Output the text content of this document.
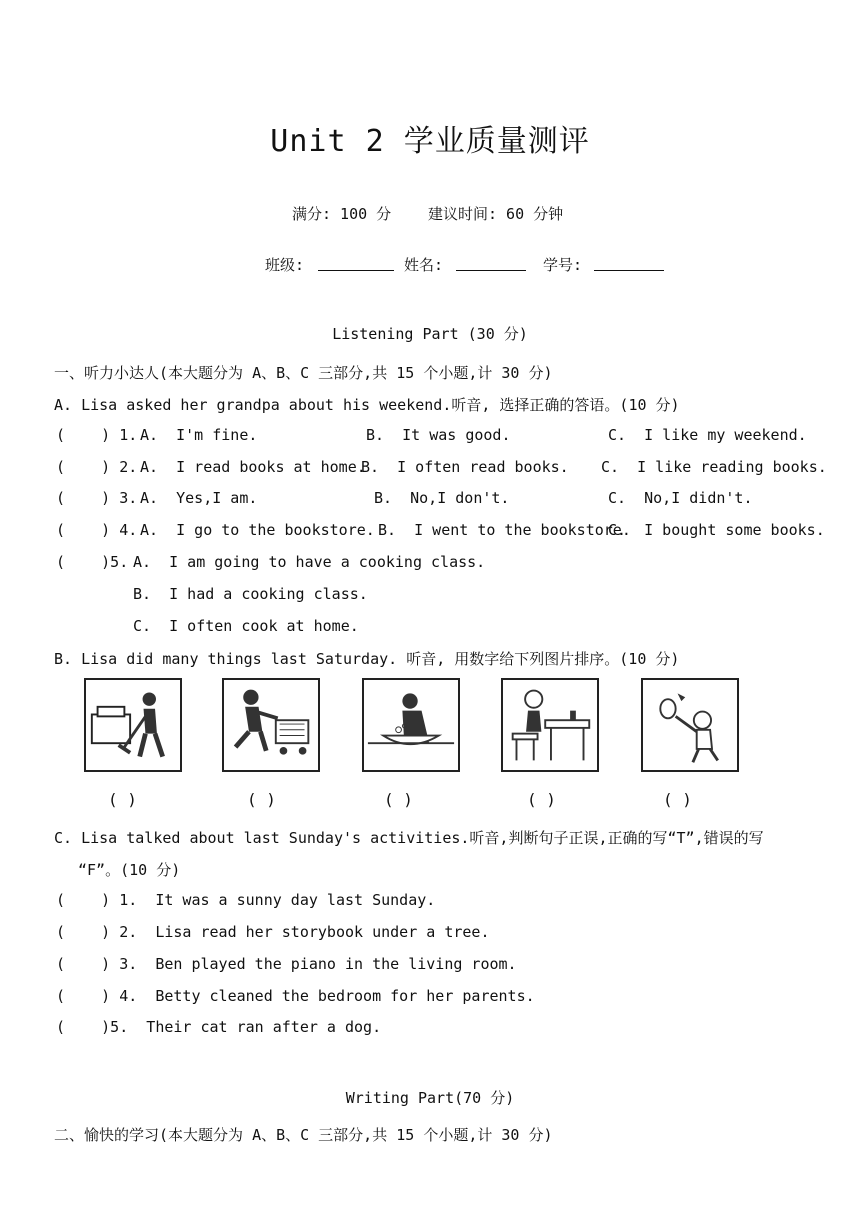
Unit 2 学业质量测评
满分: 100 分 建议时间: 60 分钟
班级:	姓名:	学号:
Listening Part (30 分)
一、听力小达人(本大题分为 A、B、C 三部分,共 15 个小题,计 30 分)
A. Lisa asked her grandpa about his weekend.听音, 选择正确的答语。(10 分)
(    ) 1. A.  I'm fine.	B.  It was good.	C.  I like my weekend.
(    ) 2. A.  I read books at home.
B.  I often read books. C.  I like reading books.
(    ) 3. A.  Yes,I am.	B.  No,I don't.	C.  No,I didn't.
(    ) 4. A.  I go to the bookstore. B.  I went to the bookstore.
C.  I bought some books.
(    )5. A.  I am going to have a cooking class.
B.  I had a cooking class.
C.  I often cook at home.
B. Lisa did many things last Saturday. 听音, 用数字给下列图片排序。(10 分)
( )	( )	( )	( )	( )
C. Lisa talked about last Sunday's activities.听音,判断句子正误,正确的写“T”,错误的写
“F”。(10 分)
(    ) 1.  It was a sunny day last Sunday.
(    ) 2.  Lisa read her storybook under a tree.
(    ) 3.  Ben played the piano in the living room.
(    ) 4.  Betty cleaned the bedroom for her parents.
(    )5.  Their cat ran after a dog.
Writing Part(70 分)
二、愉快的学习(本大题分为 A、B、C 三部分,共 15 个小题,计 30 分)
